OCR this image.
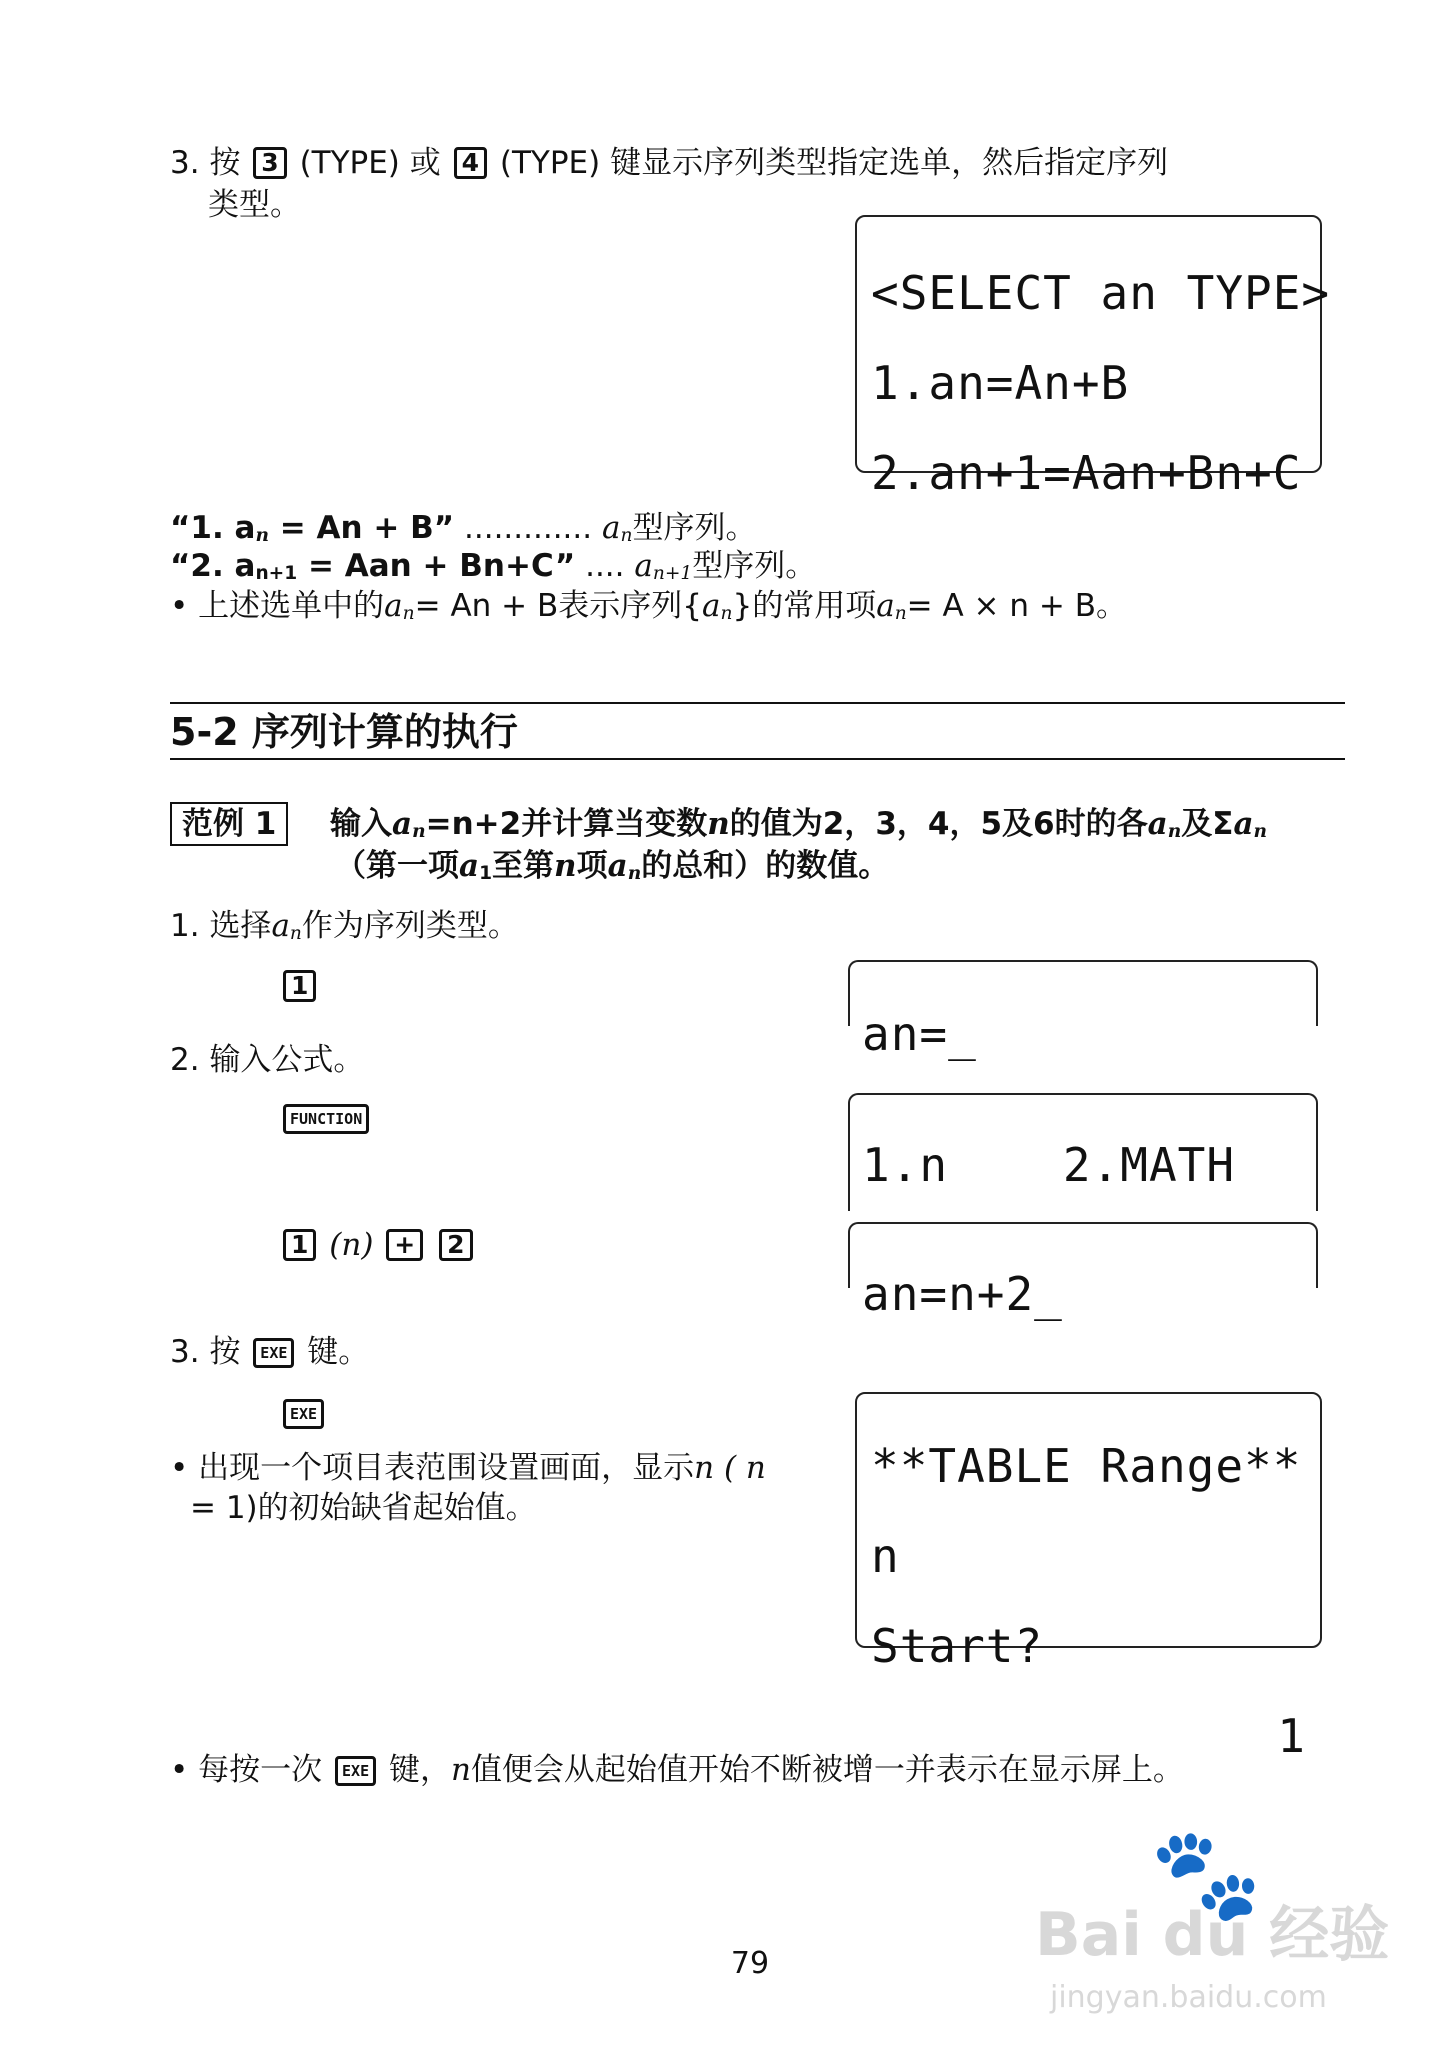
3. 按 3 (TYPE) 或 4 (TYPE) 键显示序列类型指定选单，然后指定序列
类型。

<SELECT an TYPE>

1.an=An+B

2.an+1=Aan+Bn+C

“1. an = An + B” ............. an型序列。
“2. an+1 = Aan + Bn+C” .... an+1型序列。
• 上述选单中的an= An + B表示序列{an}的常用项an= A × n + B。
5-2 序列计算的执行
范例 1	输入an=n+2并计算当变数n的值为2，3，4，5及6时的各an及Σan
（第一项a1至第n项an的总和）的数值。
1. 选择an作为序列类型。
1

an=_

2. 输入公式。
FUNCTION

1.n    2.MATH

1 (n) + 2

an=n+2_

3. 按 EXE 键。
EXE
• 出现一个项目表范围设置画面，显示n ( n
= 1)的初始缺省起始值。

**TABLE Range**

n

Start?

1

• 每按一次 EXE 键，n值便会从起始值开始不断被增一并表示在显示屏上。
🐾
Bai du 经验
jingyan.baidu.com
79
